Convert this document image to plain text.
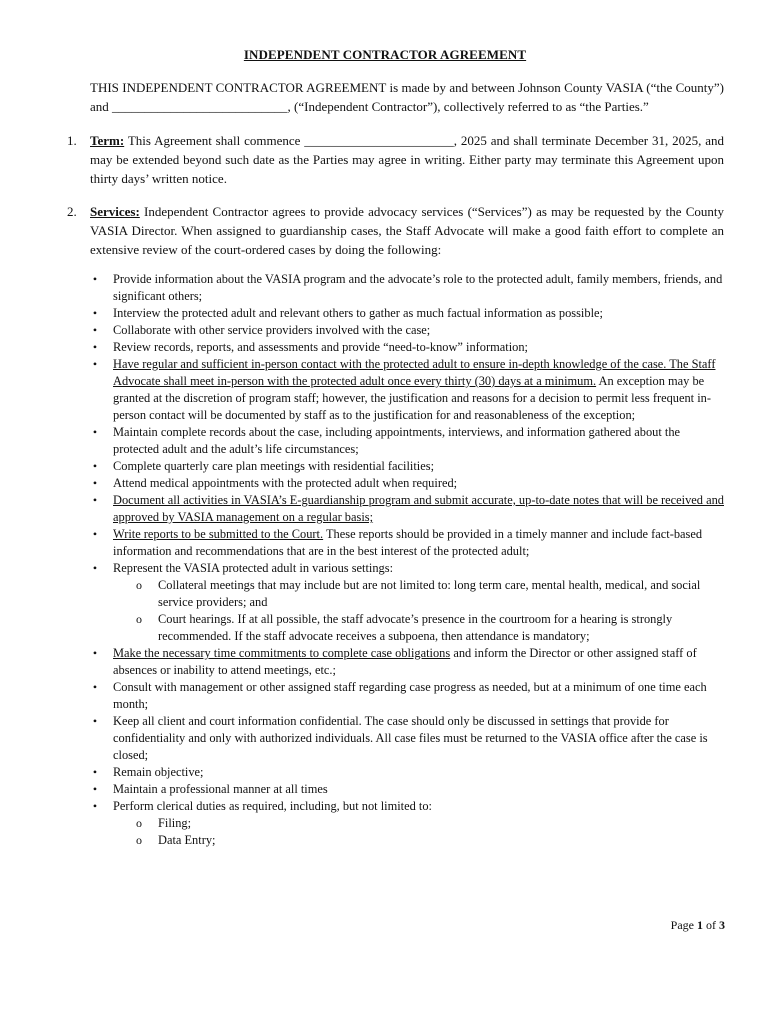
INDEPENDENT CONTRACTOR AGREEMENT
THIS INDEPENDENT CONTRACTOR AGREEMENT is made by and between Johnson County VASIA (“the County”) and ___________________________, (“Independent Contractor”), collectively referred to as “the Parties.”
1. Term: This Agreement shall commence _______________________, 2025 and shall terminate December 31, 2025, and may be extended beyond such date as the Parties may agree in writing. Either party may terminate this Agreement upon thirty days’ written notice.
2. Services: Independent Contractor agrees to provide advocacy services (“Services”) as may be requested by the County VASIA Director. When assigned to guardianship cases, the Staff Advocate will make a good faith effort to complete an extensive review of the court-ordered cases by doing the following:
• Provide information about the VASIA program and the advocate’s role to the protected adult, family members, friends, and significant others;
• Interview the protected adult and relevant others to gather as much factual information as possible;
• Collaborate with other service providers involved with the case;
• Review records, reports, and assessments and provide “need-to-know” information;
• Have regular and sufficient in-person contact with the protected adult to ensure in-depth knowledge of the case. The Staff Advocate shall meet in-person with the protected adult once every thirty (30) days at a minimum. An exception may be granted at the discretion of program staff; however, the justification and reasons for a decision to permit less frequent in-person contact will be documented by staff as to the justification for and reasonableness of the exception;
• Maintain complete records about the case, including appointments, interviews, and information gathered about the protected adult and the adult’s life circumstances;
• Complete quarterly care plan meetings with residential facilities;
• Attend medical appointments with the protected adult when required;
• Document all activities in VASIA’s E-guardianship program and submit accurate, up-to-date notes that will be received and approved by VASIA management on a regular basis;
• Write reports to be submitted to the Court. These reports should be provided in a timely manner and include fact-based information and recommendations that are in the best interest of the protected adult;
• Represent the VASIA protected adult in various settings:
o Collateral meetings that may include but are not limited to: long term care, mental health, medical, and social service providers; and
o Court hearings. If at all possible, the staff advocate’s presence in the courtroom for a hearing is strongly recommended. If the staff advocate receives a subpoena, then attendance is mandatory;
• Make the necessary time commitments to complete case obligations and inform the Director or other assigned staff of absences or inability to attend meetings, etc.;
• Consult with management or other assigned staff regarding case progress as needed, but at a minimum of one time each month;
• Keep all client and court information confidential. The case should only be discussed in settings that provide for confidentiality and only with authorized individuals. All case files must be returned to the VASIA office after the case is closed;
• Remain objective;
• Maintain a professional manner at all times
• Perform clerical duties as required, including, but not limited to:
o Filing;
o Data Entry;
Page 1 of 3
